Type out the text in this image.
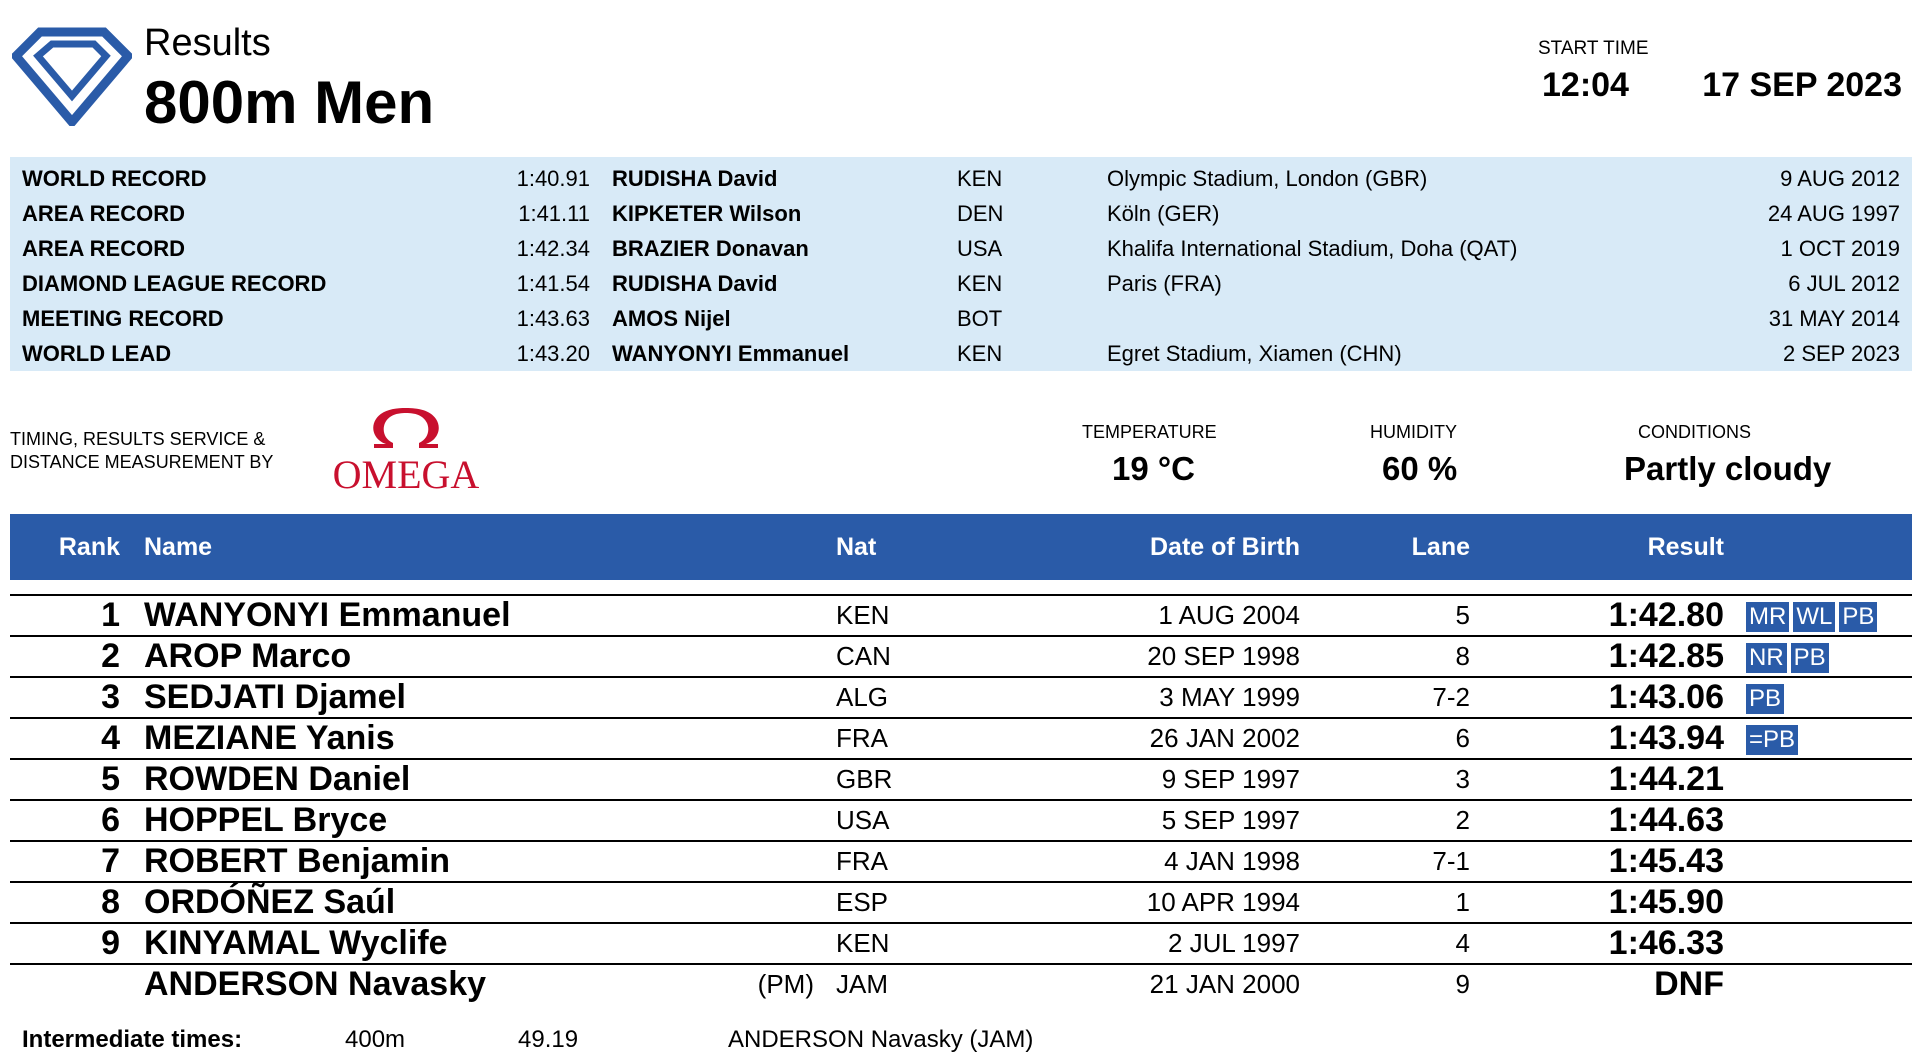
Results
800m Men
START TIME
12:04 17 SEP 2023
WORLD RECORD	1:40.91	RUDISHA David	KEN	Olympic Stadium, London (GBR)	9 AUG 2012
AREA RECORD	1:41.11	KIPKETER Wilson	DEN	Köln (GER)	24 AUG 1997
AREA RECORD	1:42.34	BRAZIER Donavan	USA	Khalifa International Stadium, Doha (QAT)	1 OCT 2019
DIAMOND LEAGUE RECORD	1:41.54	RUDISHA David	KEN	Paris (FRA)	6 JUL 2012
MEETING RECORD	1:43.63	AMOS Nijel	BOT		31 MAY 2014
WORLD LEAD	1:43.20	WANYONYI Emmanuel	KEN	Egret Stadium, Xiamen (CHN)	2 SEP 2023
TIMING, RESULTS SERVICE &
DISTANCE MEASUREMENT BY OMEGA
TEMPERATURE
19 °C
HUMIDITY
60 %
CONDITIONS
Partly cloudy
Rank	Name		Nat	Date of Birth	Lane	Result	

1	WANYONYI Emmanuel		KEN	1 AUG 2004	5	1:42.80	MR WL PB
2	AROP Marco		CAN	20 SEP 1998	8	1:42.85	NR PB
3	SEDJATI Djamel		ALG	3 MAY 1999	7-2	1:43.06	PB
4	MEZIANE Yanis		FRA	26 JAN 2002	6	1:43.94	=PB
5	ROWDEN Daniel		GBR	9 SEP 1997	3	1:44.21	
6	HOPPEL Bryce		USA	5 SEP 1997	2	1:44.63	
7	ROBERT Benjamin		FRA	4 JAN 1998	7-1	1:45.43	
8	ORDÓÑEZ Saúl		ESP	10 APR 1994	1	1:45.90	
9	KINYAMAL Wyclife		KEN	2 JUL 1997	4	1:46.33	
	ANDERSON Navasky	(PM)	JAM	21 JAN 2000	9	DNF	
Intermediate times:	400m	49.19	ANDERSON Navasky (JAM)
